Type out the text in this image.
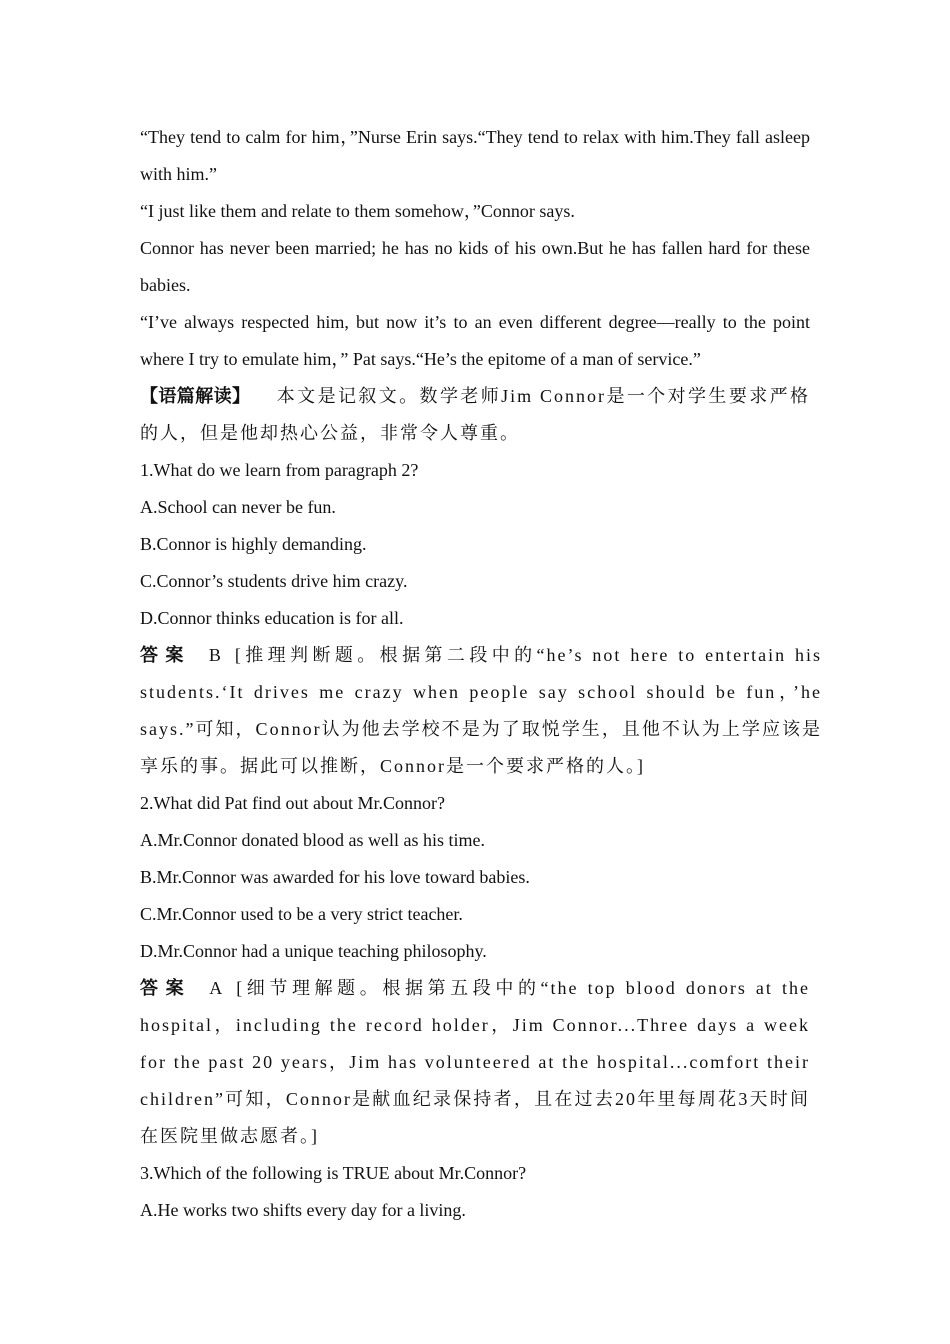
“They tend to calm for him，”Nurse Erin says.“They tend to relax with him.They fall asleep with him.”

“I just like them and relate to them somehow，”Connor says.

Connor has never been married; he has no kids of his own.But he has fallen hard for these babies.

“I’ve always respected him, but now it’s to an even different degree—really to the point where I try to emulate him，” Pat says.“He’s the epitome of a man of service.”

【语篇解读】 本文是记叙文。数学老师Jim Connor是一个对学生要求严格的人，但是他却热心公益，非常令人尊重。

1.What do we learn from paragraph 2?

A.School can never be fun.

B.Connor is highly demanding.

C.Connor’s students drive him crazy.

D.Connor thinks education is for all.

答案 B [推理判断题。根据第二段中的“he’s not here to entertain his students.‘It drives me crazy when people say school should be fun，’he says.”可知，Connor认为他去学校不是为了取悦学生，且他不认为上学应该是享乐的事。据此可以推断，Connor是一个要求严格的人。]

2.What did Pat find out about Mr.Connor?

A.Mr.Connor donated blood as well as his time.

B.Mr.Connor was awarded for his love toward babies.

C.Mr.Connor used to be a very strict teacher.

D.Mr.Connor had a unique teaching philosophy.

答案 A [细节理解题。根据第五段中的“the top blood donors at the hospital，including the record holder，Jim Connor...Three days a week for the past 20 years，Jim has volunteered at the hospital...comfort their children”可知，Connor是献血纪录保持者，且在过去20年里每周花3天时间在医院里做志愿者。]

3.Which of the following is TRUE about Mr.Connor?

A.He works two shifts every day for a living.
